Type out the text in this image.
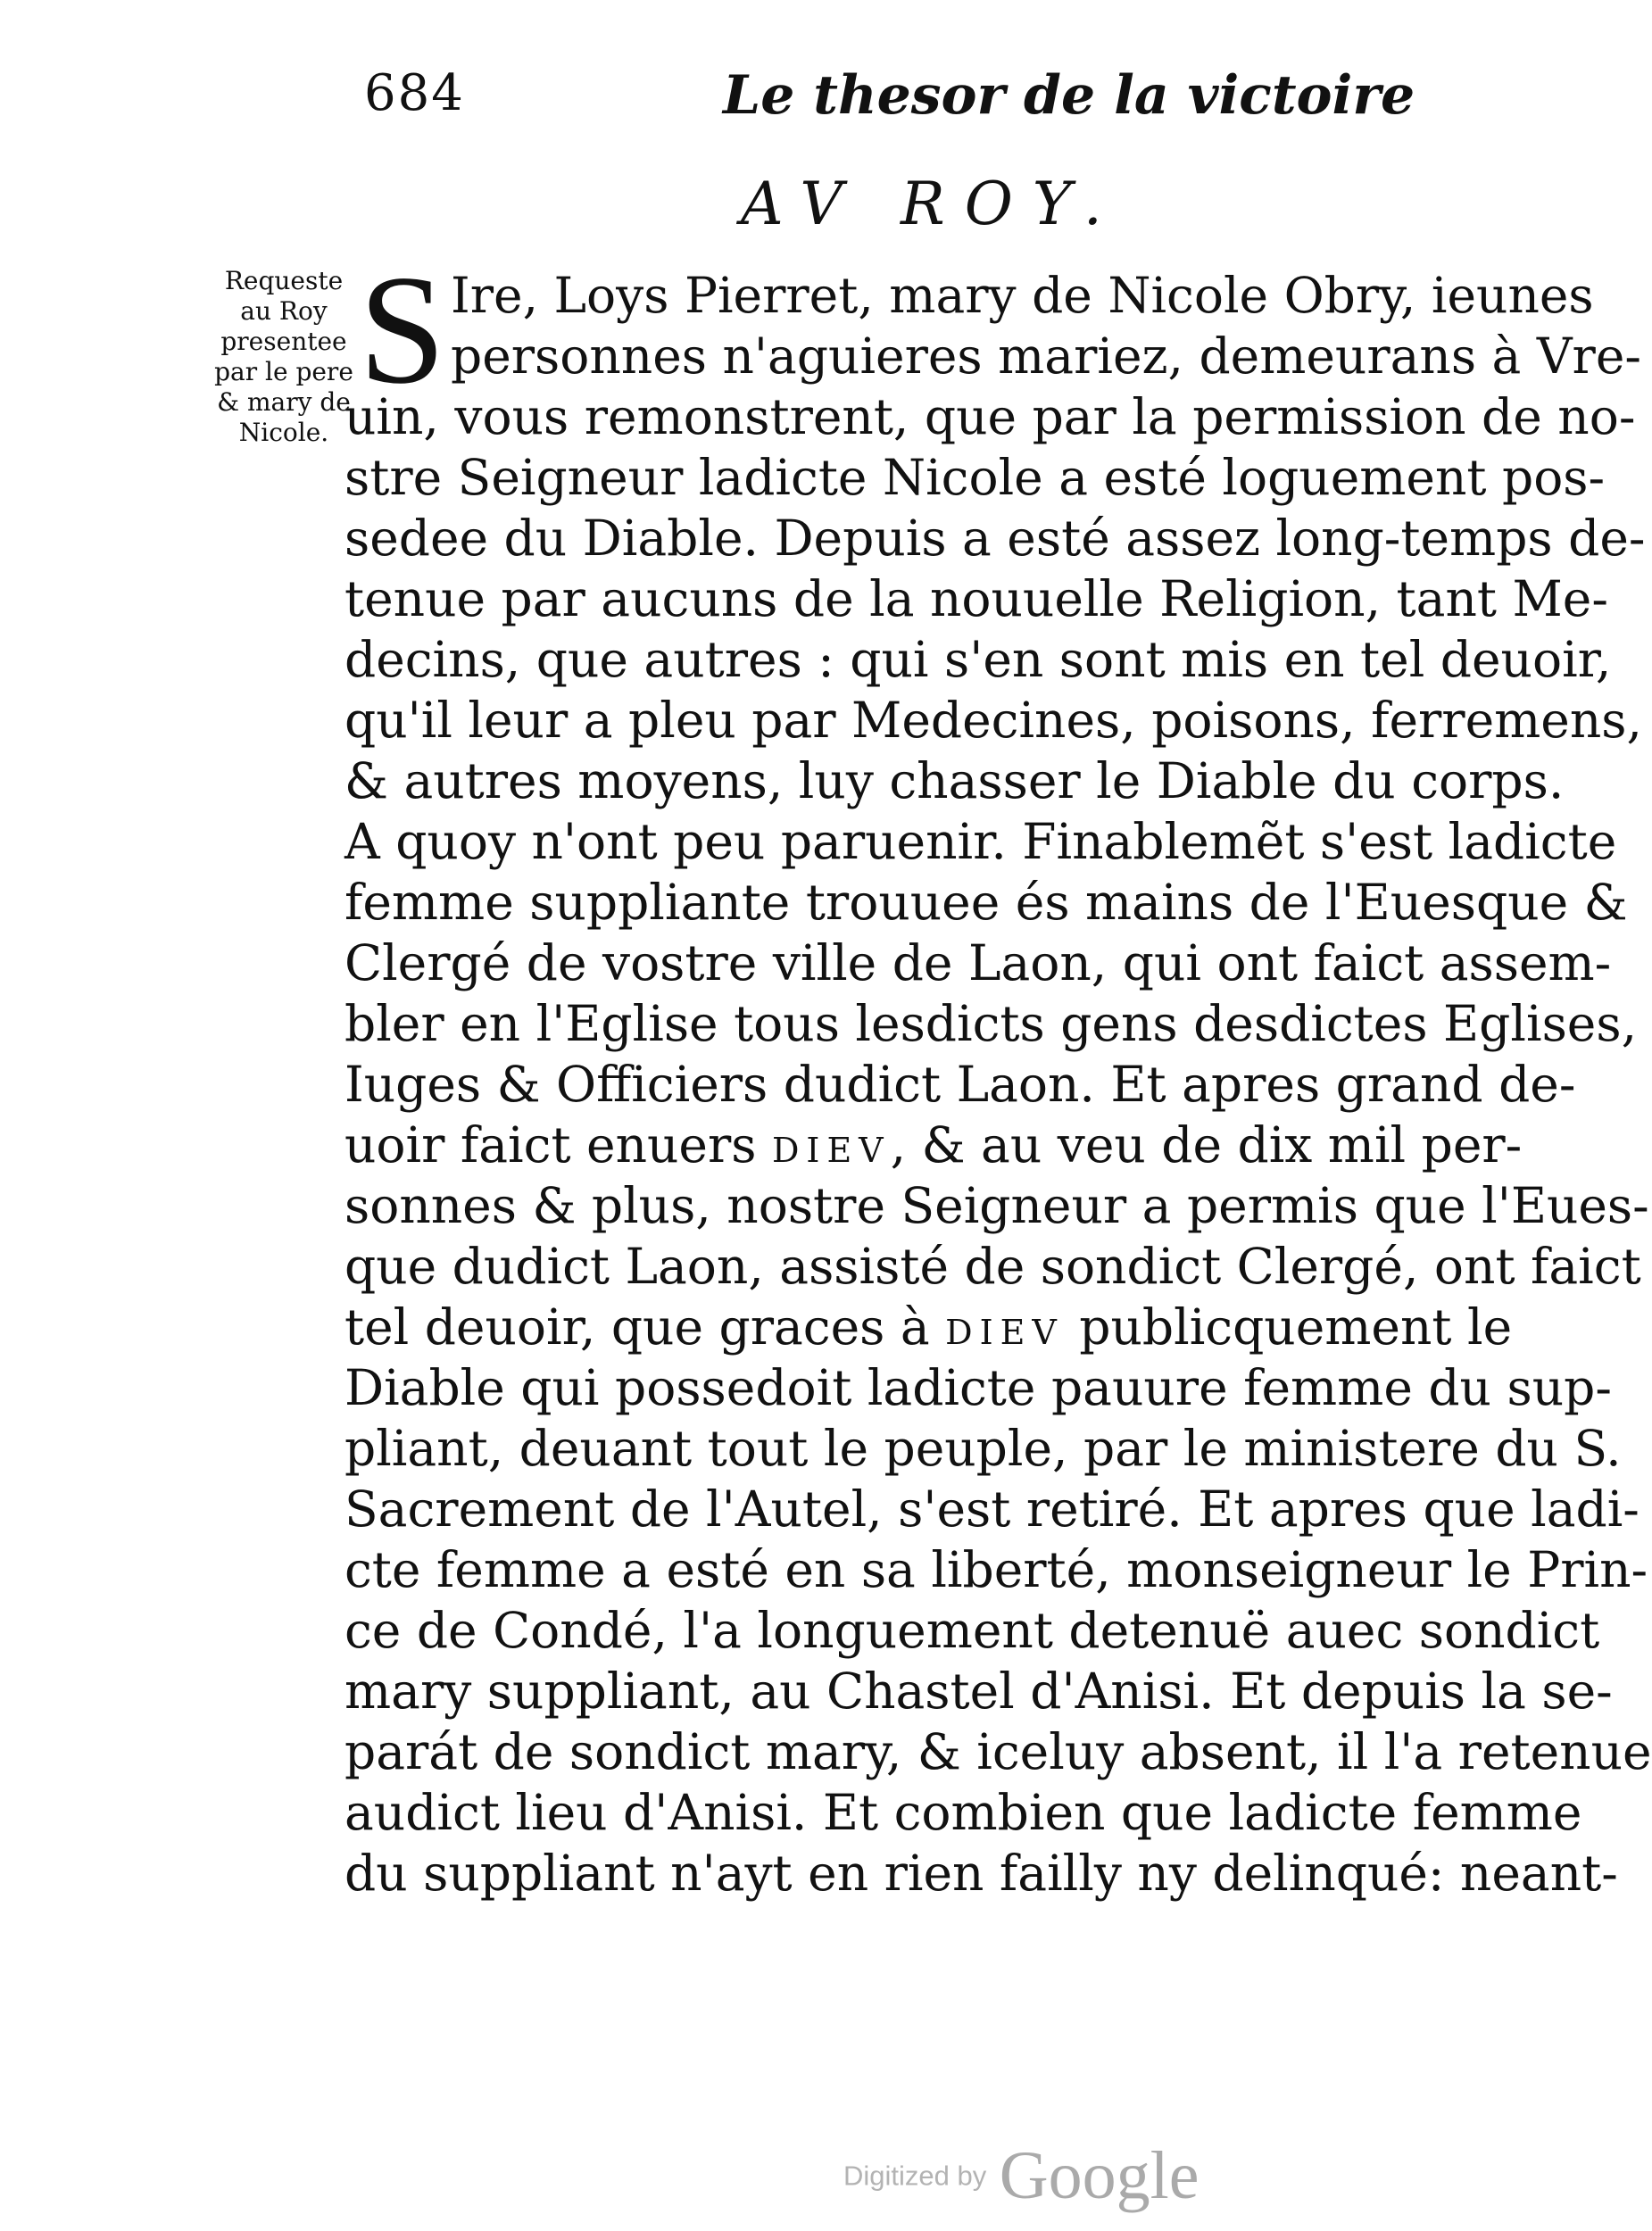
684	Le thesor de la victoire
AV ROY.
Requeste
au Roy
presentee
par le pere
& mary de
Nicole.
S Ire, Loys Pierret, mary de Nicole Obry, ieunes
personnes n'aguieres mariez, demeurans à Vre-
uin, vous remonstrent, que par la permission de no-
stre Seigneur ladicte Nicole a esté loguement pos-
sedee du Diable. Depuis a esté assez long-temps de-
tenue par aucuns de la nouuelle Religion, tant Me-
decins, que autres : qui s'en sont mis en tel deuoir,
qu'il leur a pleu par Medecines, poisons, ferremens,
& autres moyens, luy chasser le Diable du corps.
A quoy n'ont peu paruenir. Finablemẽt s'est ladicte
femme suppliante trouuee és mains de l'Euesque &
Clergé de vostre ville de Laon, qui ont faict assem-
bler en l'Eglise tous lesdicts gens desdictes Eglises,
Iuges & Officiers dudict Laon. Et apres grand de-
uoir faict enuers DIEV, & au veu de dix mil per-
sonnes & plus, nostre Seigneur a permis que l'Eues-
que dudict Laon, assisté de sondict Clergé, ont faict
tel deuoir, que graces à DIEV publicquement le
Diable qui possedoit ladicte pauure femme du sup-
pliant, deuant tout le peuple, par le ministere du S.
Sacrement de l'Autel, s'est retiré. Et apres que ladi-
cte femme a esté en sa liberté, monseigneur le Prin-
ce de Condé, l'a longuement detenuë auec sondict
mary suppliant, au Chastel d'Anisi. Et depuis la se-
parát de sondict mary, & iceluy absent, il l'a retenue
audict lieu d'Anisi. Et combien que ladicte femme
du suppliant n'ayt en rien failly ny delinqué: neant-
Digitized by Google
